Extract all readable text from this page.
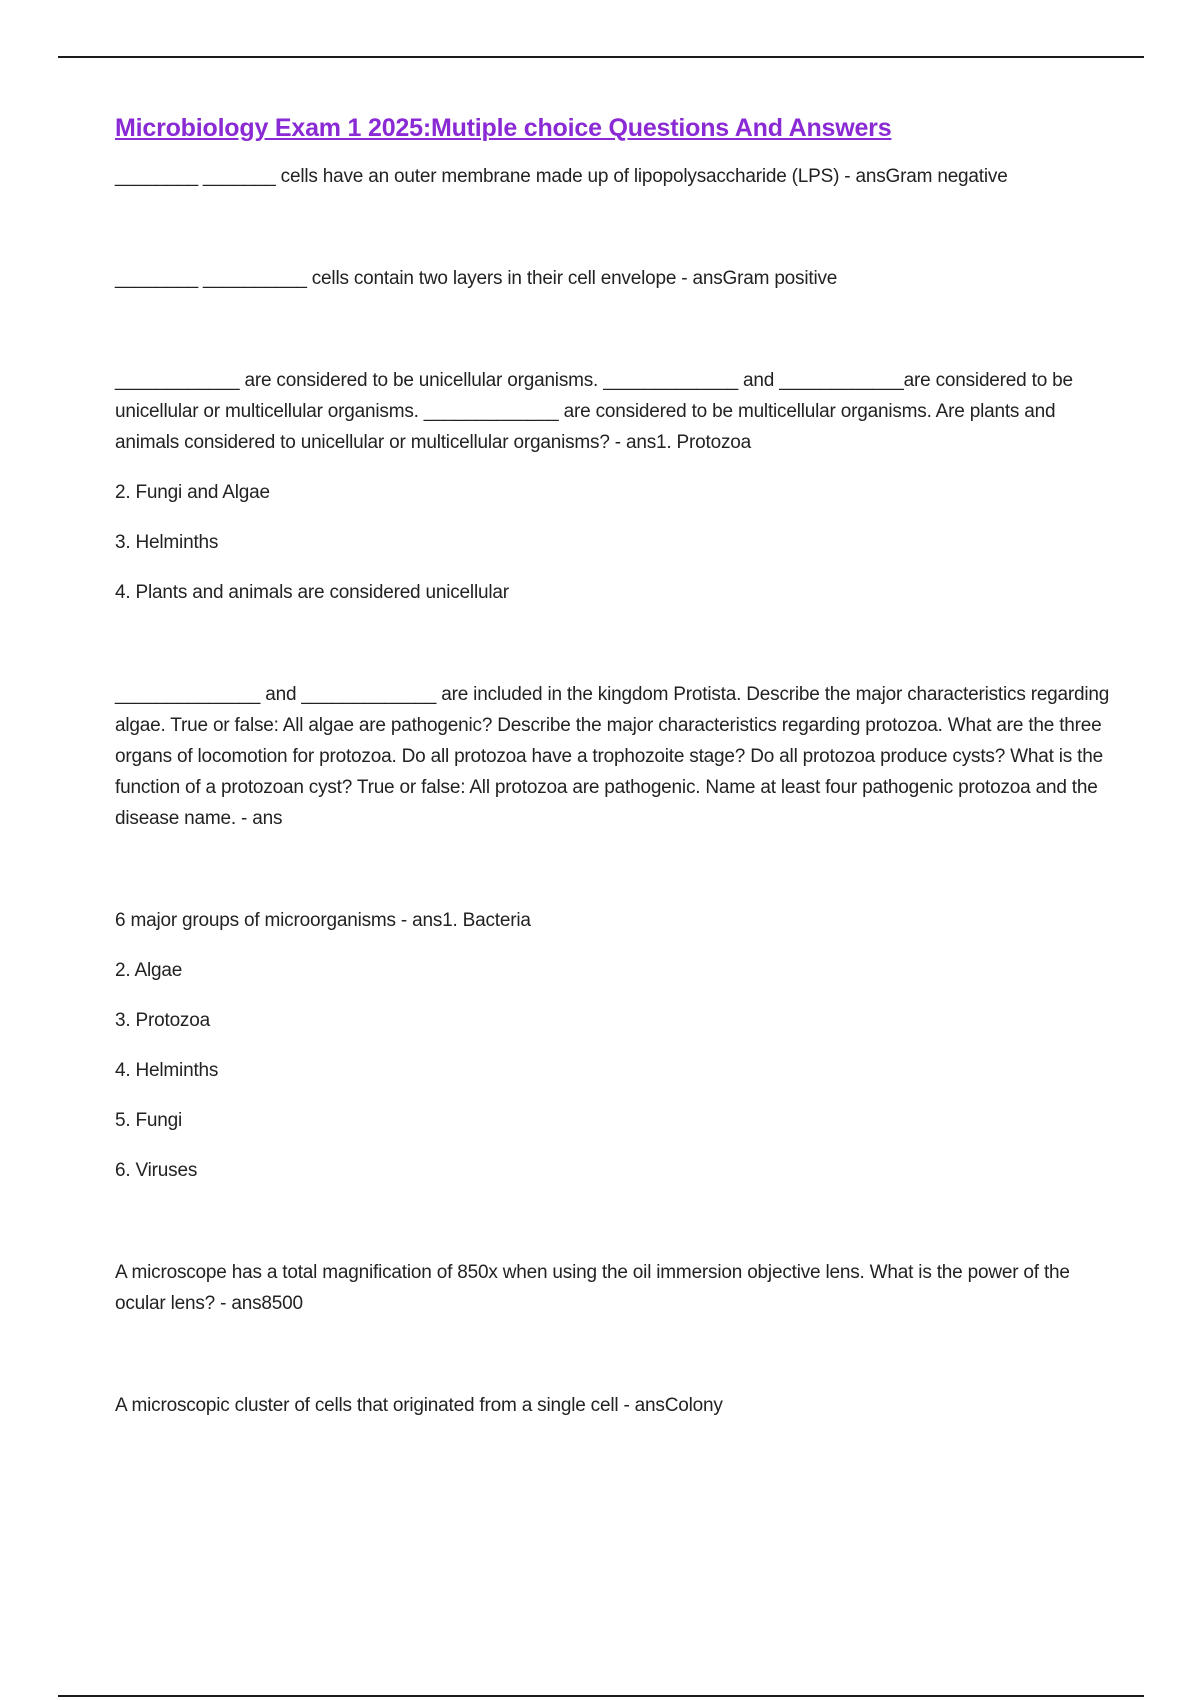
Microbiology Exam 1 2025:Mutiple choice Questions And Answers

________ _______ cells have an outer membrane made up of lipopolysaccharide (LPS) - ansGram negative

________ __________ cells contain two layers in their cell envelope - ansGram positive

____________ are considered to be unicellular organisms. _____________ and ____________are considered to be unicellular or multicellular organisms. _____________ are considered to be multicellular organisms. Are plants and animals considered to unicellular or multicellular organisms? - ans1. Protozoa

2. Fungi and Algae

3. Helminths

4. Plants and animals are considered unicellular

______________ and _____________ are included in the kingdom Protista. Describe the major characteristics regarding algae. True or false: All algae are pathogenic? Describe the major characteristics regarding protozoa. What are the three organs of locomotion for protozoa. Do all protozoa have a trophozoite stage? Do all protozoa produce cysts? What is the function of a protozoan cyst? True or false: All protozoa are pathogenic. Name at least four pathogenic protozoa and the disease name. - ans

6 major groups of microorganisms - ans1. Bacteria

2. Algae

3. Protozoa

4. Helminths

5. Fungi

6. Viruses

A microscope has a total magnification of 850x when using the oil immersion objective lens. What is the power of the ocular lens? - ans8500

A microscopic cluster of cells that originated from a single cell - ansColony
